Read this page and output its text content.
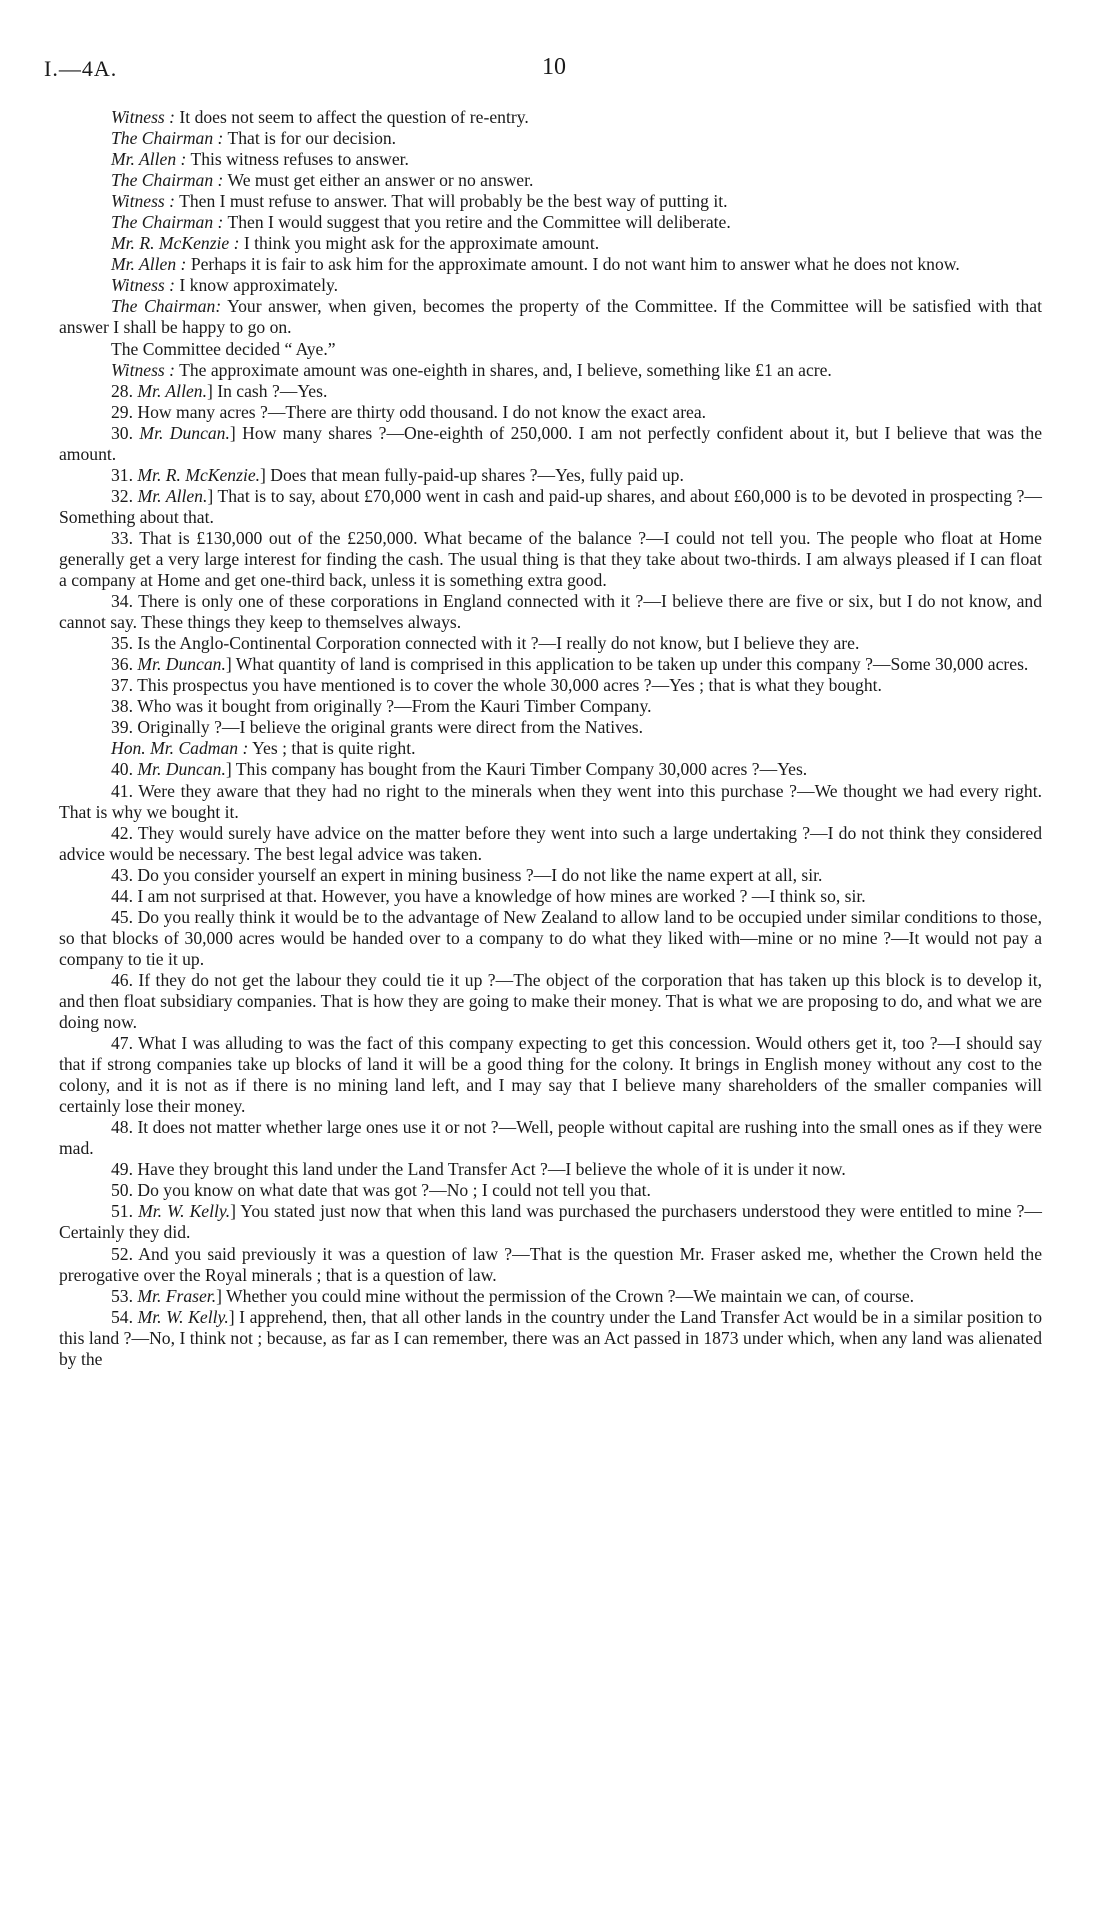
I.—4A.	10

Witness : It does not seem to affect the question of re-entry.

The Chairman : That is for our decision.

Mr. Allen : This witness refuses to answer.

The Chairman : We must get either an answer or no answer.

Witness : Then I must refuse to answer. That will probably be the best way of putting it.

The Chairman : Then I would suggest that you retire and the Committee will deliberate.

Mr. R. McKenzie : I think you might ask for the approximate amount.

Mr. Allen : Perhaps it is fair to ask him for the approximate amount. I do not want him to answer what he does not know.

Witness : I know approximately.

The Chairman: Your answer, when given, becomes the property of the Committee. If the Committee will be satisfied with that answer I shall be happy to go on.

The Committee decided “ Aye.”

Witness : The approximate amount was one-eighth in shares, and, I believe, something like £1 an acre.

28. Mr. Allen.] In cash ?—Yes.

29. How many acres ?—There are thirty odd thousand. I do not know the exact area.

30. Mr. Duncan.] How many shares ?—One-eighth of 250,000. I am not perfectly confident about it, but I believe that was the amount.

31. Mr. R. McKenzie.] Does that mean fully-paid-up shares ?—Yes, fully paid up.

32. Mr. Allen.] That is to say, about £70,000 went in cash and paid-up shares, and about £60,000 is to be devoted in prospecting ?—Something about that.

33. That is £130,000 out of the £250,000. What became of the balance ?—I could not tell you. The people who float at Home generally get a very large interest for finding the cash. The usual thing is that they take about two-thirds. I am always pleased if I can float a company at Home and get one-third back, unless it is something extra good.

34. There is only one of these corporations in England connected with it ?—I believe there are five or six, but I do not know, and cannot say. These things they keep to themselves always.

35. Is the Anglo-Continental Corporation connected with it ?—I really do not know, but I believe they are.

36. Mr. Duncan.] What quantity of land is comprised in this application to be taken up under this company ?—Some 30,000 acres.

37. This prospectus you have mentioned is to cover the whole 30,000 acres ?—Yes ; that is what they bought.

38. Who was it bought from originally ?—From the Kauri Timber Company.

39. Originally ?—I believe the original grants were direct from the Natives.

Hon. Mr. Cadman : Yes ; that is quite right.

40. Mr. Duncan.] This company has bought from the Kauri Timber Company 30,000 acres ?—Yes.

41. Were they aware that they had no right to the minerals when they went into this purchase ?—We thought we had every right. That is why we bought it.

42. They would surely have advice on the matter before they went into such a large undertaking ?—I do not think they considered advice would be necessary. The best legal advice was taken.

43. Do you consider yourself an expert in mining business ?—I do not like the name expert at all, sir.

44. I am not surprised at that. However, you have a knowledge of how mines are worked ? —I think so, sir.

45. Do you really think it would be to the advantage of New Zealand to allow land to be occupied under similar conditions to those, so that blocks of 30,000 acres would be handed over to a company to do what they liked with—mine or no mine ?—It would not pay a company to tie it up.

46. If they do not get the labour they could tie it up ?—The object of the corporation that has taken up this block is to develop it, and then float subsidiary companies. That is how they are going to make their money. That is what we are proposing to do, and what we are doing now.

47. What I was alluding to was the fact of this company expecting to get this concession. Would others get it, too ?—I should say that if strong companies take up blocks of land it will be a good thing for the colony. It brings in English money without any cost to the colony, and it is not as if there is no mining land left, and I may say that I believe many shareholders of the smaller companies will certainly lose their money.

48. It does not matter whether large ones use it or not ?—Well, people without capital are rushing into the small ones as if they were mad.

49. Have they brought this land under the Land Transfer Act ?—I believe the whole of it is under it now.

50. Do you know on what date that was got ?—No ; I could not tell you that.

51. Mr. W. Kelly.] You stated just now that when this land was purchased the purchasers understood they were entitled to mine ?—Certainly they did.

52. And you said previously it was a question of law ?—That is the question Mr. Fraser asked me, whether the Crown held the prerogative over the Royal minerals ; that is a question of law.

53. Mr. Fraser.] Whether you could mine without the permission of the Crown ?—We maintain we can, of course.

54. Mr. W. Kelly.] I apprehend, then, that all other lands in the country under the Land Transfer Act would be in a similar position to this land ?—No, I think not ; because, as far as I can remember, there was an Act passed in 1873 under which, when any land was alienated by the
